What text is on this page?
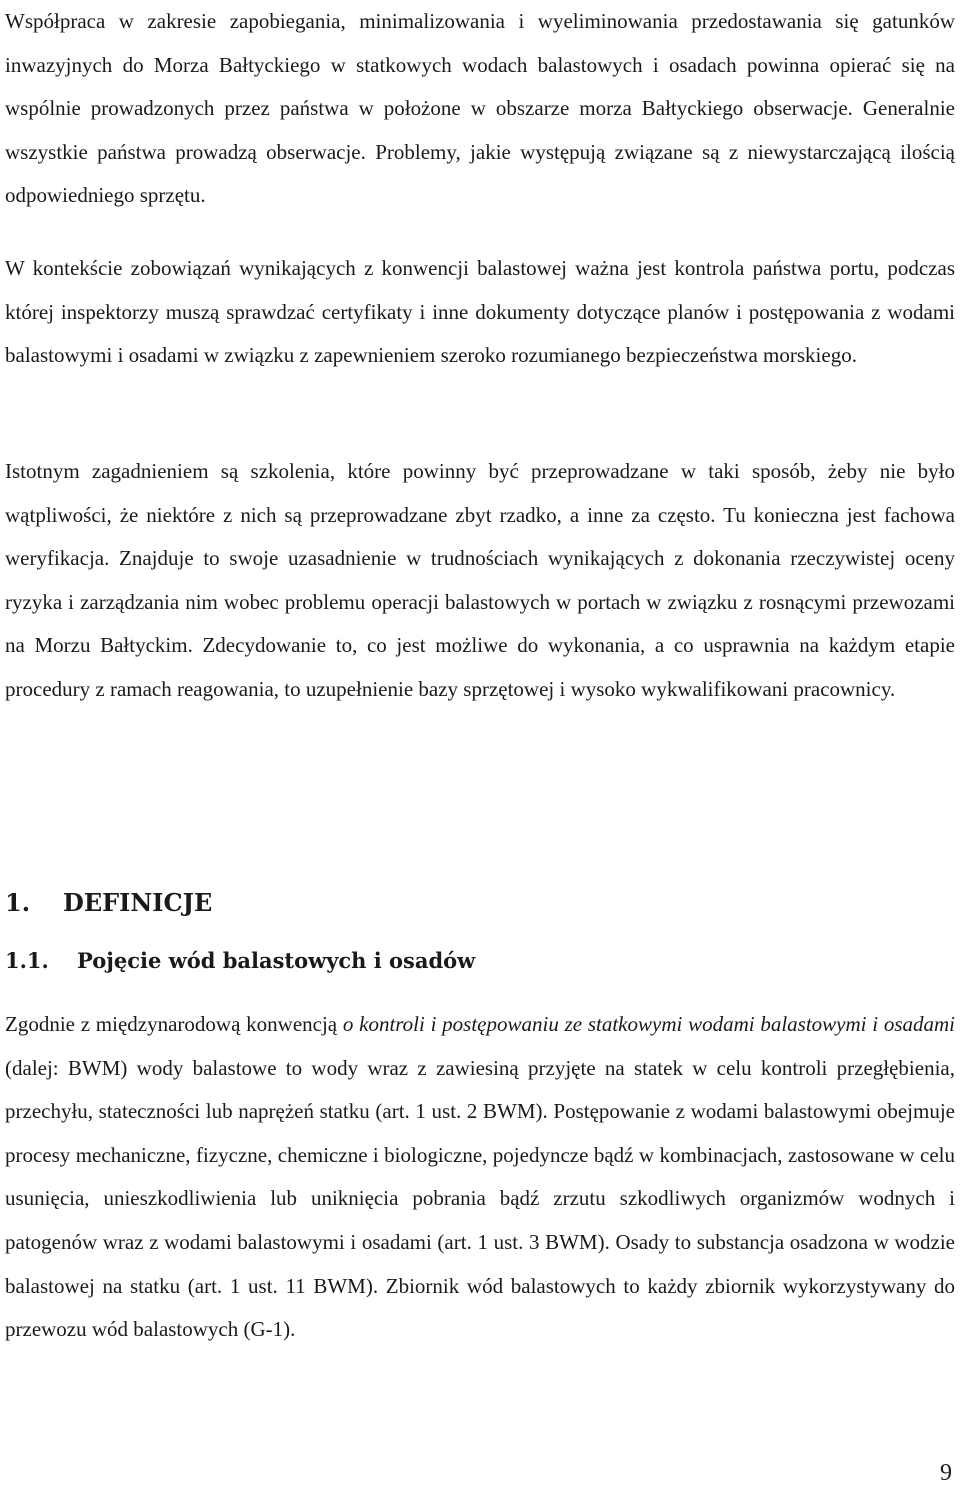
Współpraca w zakresie zapobiegania, minimalizowania i wyeliminowania przedostawania się gatunków inwazyjnych do Morza Bałtyckiego w statkowych wodach balastowych i osadach powinna opierać się na wspólnie prowadzonych przez państwa w położone w obszarze morza Bałtyckiego obserwacje. Generalnie wszystkie państwa prowadzą obserwacje. Problemy, jakie występują związane są z niewystarczającą ilością odpowiedniego sprzętu.

W kontekście zobowiązań wynikających z konwencji balastowej ważna jest kontrola państwa portu, podczas której inspektorzy muszą sprawdzać certyfikaty i inne dokumenty dotyczące planów i postępowania z wodami balastowymi i osadami w związku z zapewnieniem szeroko rozumianego bezpieczeństwa morskiego.

Istotnym zagadnieniem są szkolenia, które powinny być przeprowadzane w taki sposób, żeby nie było wątpliwości, że niektóre z nich są przeprowadzane zbyt rzadko, a inne za często. Tu konieczna jest fachowa weryfikacja. Znajduje to swoje uzasadnienie w trudnościach wynikających z dokonania rzeczywistej oceny ryzyka i zarządzania nim wobec problemu operacji balastowych w portach w związku z rosnącymi przewozami na Morzu Bałtyckim. Zdecydowanie to, co jest możliwe do wykonania, a co usprawnia na każdym etapie procedury z ramach reagowania, to uzupełnienie bazy sprzętowej i wysoko wykwalifikowani pracownicy.

1. DEFINICJE
1.1. Pojęcie wód balastowych i osadów

Zgodnie z międzynarodową konwencją o kontroli i postępowaniu ze statkowymi wodami balastowymi i osadami (dalej: BWM) wody balastowe to wody wraz z zawiesiną przyjęte na statek w celu kontroli przegłębienia, przechyłu, stateczności lub naprężeń statku (art. 1 ust. 2 BWM). Postępowanie z wodami balastowymi obejmuje procesy mechaniczne, fizyczne, chemiczne i biologiczne, pojedyncze bądź w kombinacjach, zastosowane w celu usunięcia, unieszkodliwienia lub uniknięcia pobrania bądź zrzutu szkodliwych organizmów wodnych i patogenów wraz z wodami balastowymi i osadami (art. 1 ust. 3 BWM). Osady to substancja osadzona w wodzie balastowej na statku (art. 1 ust. 11 BWM). Zbiornik wód balastowych to każdy zbiornik wykorzystywany do przewozu wód balastowych (G-1).

9
